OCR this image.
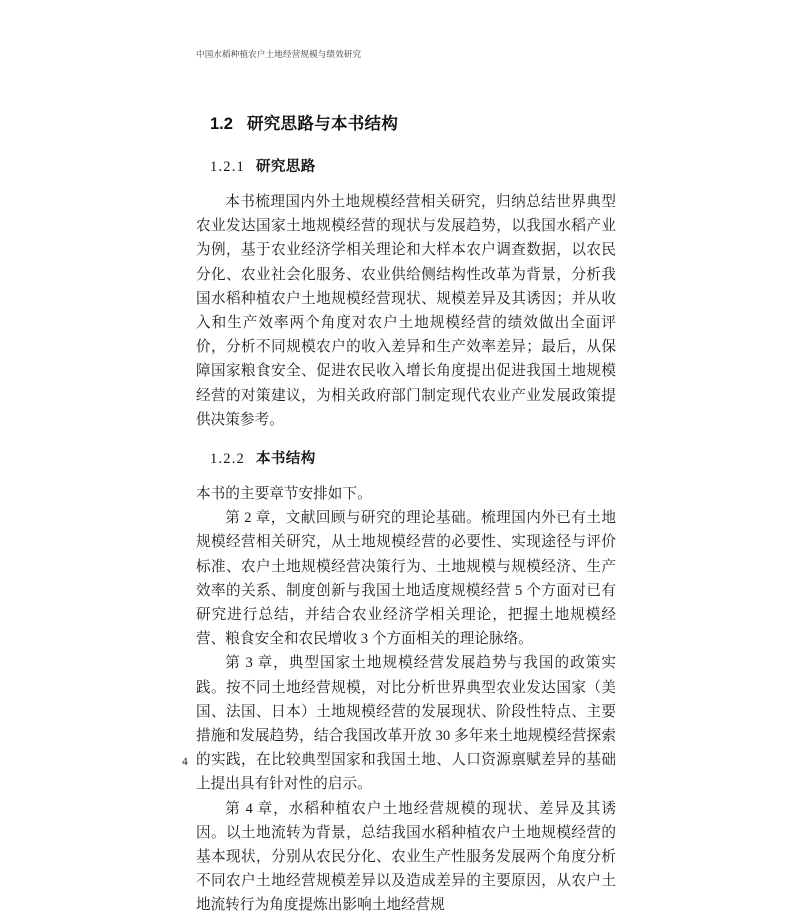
中国水稻种植农户土地经营规模与绩效研究
1.2 研究思路与本书结构
1.2.1 研究思路

本书梳理国内外土地规模经营相关研究，归纳总结世界典型农业发达国家土地规模经营的现状与发展趋势，以我国水稻产业为例，基于农业经济学相关理论和大样本农户调查数据，以农民分化、农业社会化服务、农业供给侧结构性改革为背景，分析我国水稻种植农户土地规模经营现状、规模差异及其诱因；并从收入和生产效率两个角度对农户土地规模经营的绩效做出全面评价，分析不同规模农户的收入差异和生产效率差异；最后，从保障国家粮食安全、促进农民收入增长角度提出促进我国土地规模经营的对策建议，为相关政府部门制定现代农业产业发展政策提供决策参考。

1.2.2 本书结构

本书的主要章节安排如下。

第 2 章，文献回顾与研究的理论基础。梳理国内外已有土地规模经营相关研究，从土地规模经营的必要性、实现途径与评价标准、农户土地规模经营决策行为、土地规模与规模经济、生产效率的关系、制度创新与我国土地适度规模经营 5 个方面对已有研究进行总结，并结合农业经济学相关理论，把握土地规模经营、粮食安全和农民增收 3 个方面相关的理论脉络。

第 3 章，典型国家土地规模经营发展趋势与我国的政策实践。按不同土地经营规模，对比分析世界典型农业发达国家（美国、法国、日本）土地规模经营的发展现状、阶段性特点、主要措施和发展趋势，结合我国改革开放 30 多年来土地规模经营探索的实践，在比较典型国家和我国土地、人口资源禀赋差异的基础上提出具有针对性的启示。

第 4 章，水稻种植农户土地经营规模的现状、差异及其诱因。以土地流转为背景，总结我国水稻种植农户土地规模经营的基本现状，分别从农民分化、农业生产性服务发展两个角度分析不同农户土地经营规模差异以及造成差异的主要原因，从农户土地流转行为角度提炼出影响土地经营规

4
